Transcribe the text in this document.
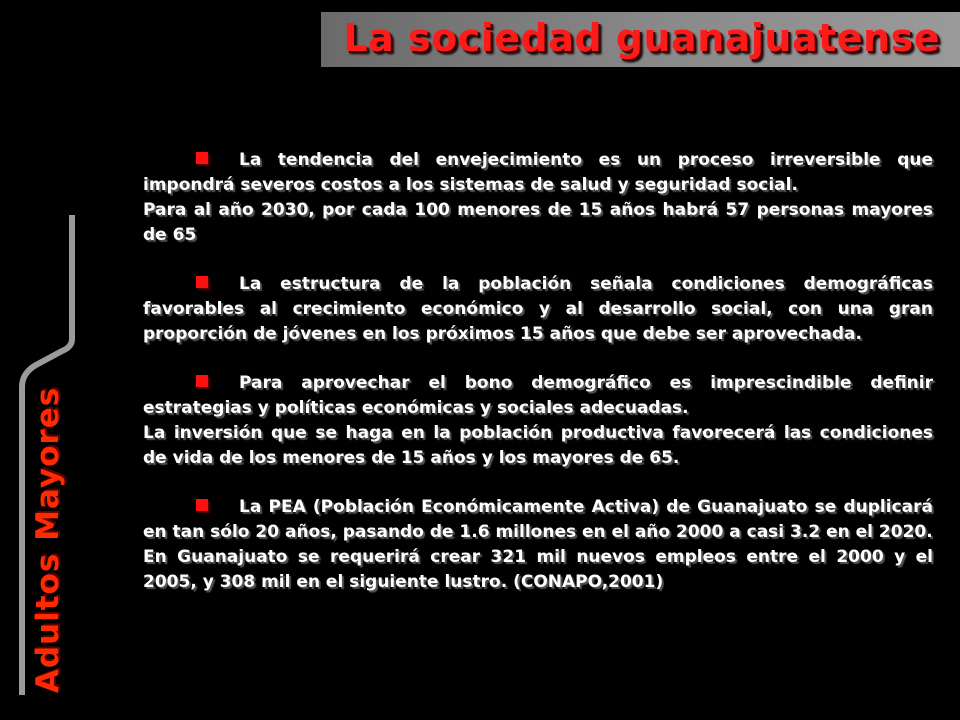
La sociedad guanajuatense
Adultos Mayores

La tendencia del envejecimiento es un proceso irreversible que impondrá severos costos a los sistemas de salud y seguridad social.
Para al año 2030, por cada 100 menores de 15 años habrá 57 personas mayores de 65

La estructura de la población señala condiciones demográficas favorables al crecimiento económico y al desarrollo social, con una gran proporción de jóvenes en los próximos 15 años que debe ser aprovechada.

Para aprovechar el bono demográfico es imprescindible definir estrategias y políticas económicas y sociales adecuadas.
La inversión que se haga en la población productiva favorecerá las condiciones de vida de los menores de 15 años y los mayores de 65.

La PEA (Población Económicamente Activa) de Guanajuato se duplicará en tan sólo 20 años, pasando de 1.6 millones en el año 2000 a casi 3.2 en el 2020.
En Guanajuato se requerirá crear 321 mil nuevos empleos entre el 2000 y el 2005, y 308 mil en el siguiente lustro. (CONAPO,2001)
